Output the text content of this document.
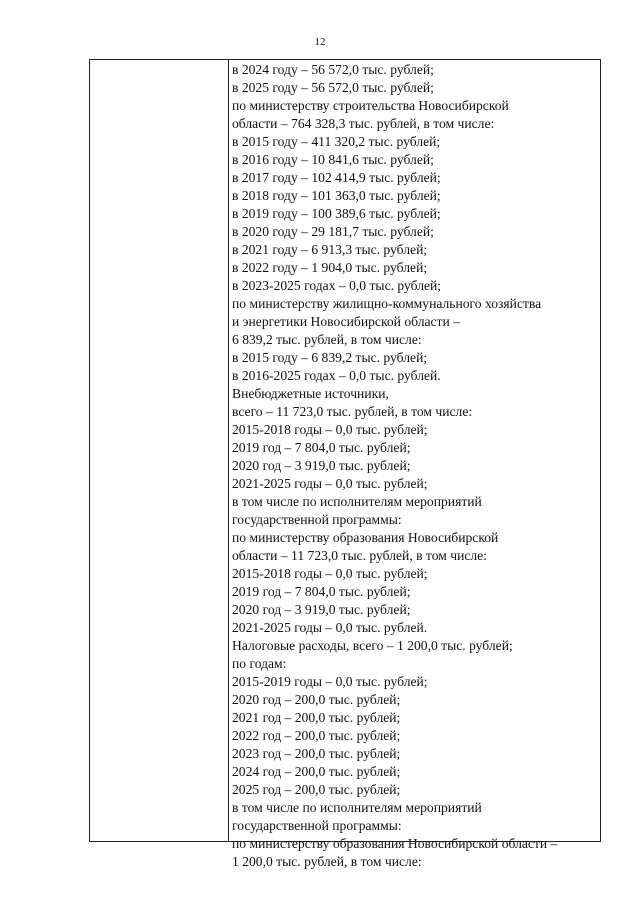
12
в 2024 году – 56 572,0 тыс. рублей;
в 2025 году – 56 572,0 тыс. рублей;
по министерству строительства Новосибирской
области – 764 328,3 тыс. рублей, в том числе:
в 2015 году – 411 320,2 тыс. рублей;
в 2016 году – 10 841,6 тыс. рублей;
в 2017 году – 102 414,9 тыс. рублей;
в 2018 году – 101 363,0 тыс. рублей;
в 2019 году – 100 389,6 тыс. рублей;
в 2020 году – 29 181,7 тыс. рублей;
в 2021 году – 6 913,3 тыс. рублей;
в 2022 году – 1 904,0 тыс. рублей;
в 2023-2025 годах – 0,0 тыс. рублей;
по министерству жилищно-коммунального хозяйства
и энергетики Новосибирской области –
6 839,2 тыс. рублей, в том числе:
в 2015 году – 6 839,2 тыс. рублей;
в 2016-2025 годах – 0,0 тыс. рублей.
Внебюджетные источники,
всего – 11 723,0 тыс. рублей, в том числе:
2015-2018 годы – 0,0 тыс. рублей;
2019 год – 7 804,0 тыс. рублей;
2020 год – 3 919,0 тыс. рублей;
2021-2025 годы – 0,0 тыс. рублей;
в том числе по исполнителям мероприятий
государственной программы:
по министерству образования Новосибирской
области – 11 723,0 тыс. рублей, в том числе:
2015-2018 годы – 0,0 тыс. рублей;
2019 год – 7 804,0 тыс. рублей;
2020 год – 3 919,0 тыс. рублей;
2021-2025 годы – 0,0 тыс. рублей.
Налоговые расходы, всего – 1 200,0 тыс. рублей;
по годам:
2015-2019 годы – 0,0 тыс. рублей;
2020 год – 200,0 тыс. рублей;
2021 год – 200,0 тыс. рублей;
2022 год – 200,0 тыс. рублей;
2023 год – 200,0 тыс. рублей;
2024 год – 200,0 тыс. рублей;
2025 год – 200,0 тыс. рублей;
в том числе по исполнителям мероприятий
государственной программы:
по министерству образования Новосибирской области –
1 200,0 тыс. рублей, в том числе:
